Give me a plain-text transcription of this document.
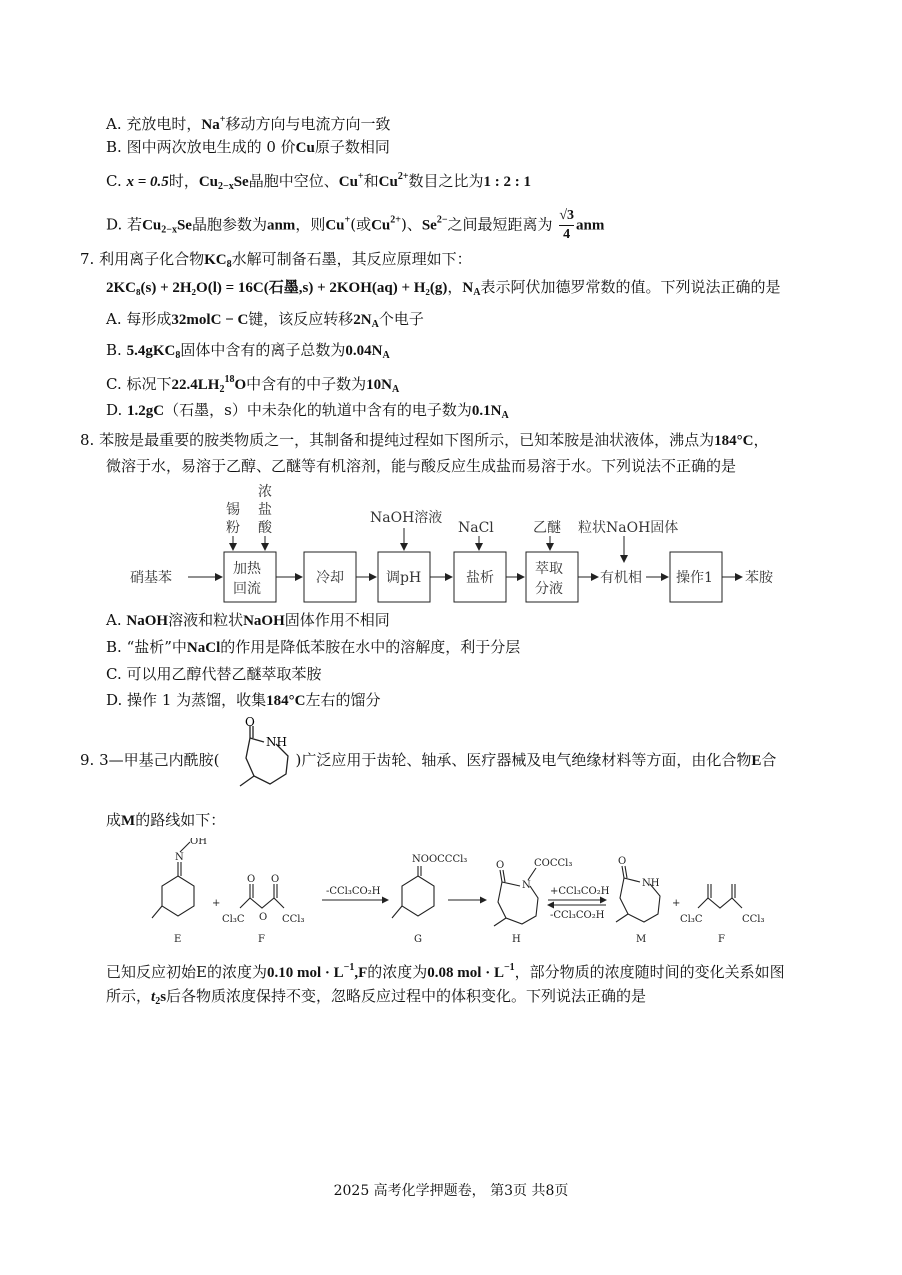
A. 充放电时，Na+移动方向与电流方向一致
B. 图中两次放电生成的 0 价Cu原子数相同
C. x = 0.5时，$Cu_{2-x}Se$晶胞中空位、Cu+和$Cu^{2+}$数目之比为1 : 2 : 1
D. 若$Cu_{2-x}Se$晶胞参数为anm，则Cu+(或$Cu^{2+}$)、$Se^{2-}$之间最短距离为 $\frac{√3}{4}$ anm
7. 利用离子化合物$KC_8$水解可制备石墨，其反应原理如下：
2KC₈(s) + 2H₂O(l) = 16C(石墨,s) + 2KOH(aq) + H₂(g)，$N_A$表示阿伏加德罗常数的值。下列说法正确的是
A. 每形成32molC − C键，该反应转移$2N_A$个电子
B. 5.4gKC$_8$固体中含有的离子总数为$0.04N_A$
C. 标况下$22.4LH_2^{18}O$中含有的中子数为$10N_A$
D. 1.2gC（石墨，s）中未杂化的轨道中含有的电子数为$0.1N_A$
8. 苯胺是最重要的胺类物质之一，其制备和提纯过程如下图所示，已知苯胺是油状液体，沸点为184°C，
微溶于水，易溶于乙醇、乙醚等有机溶剂，能与酸反应生成盐而易溶于水。下列说法不正确的是
硝基苯
锡
粉
浓
盐
酸
加热
回流
冷却
NaOH溶液
调pH
NaCl
盐析
乙醚
萃取
分液
有机相
粒状NaOH固体
操作1 苯胺
A. NaOH溶液和粒状NaOH固体作用不相同
B. “盐析”中NaCl的作用是降低苯胺在水中的溶解度，利于分层
C. 可以用乙醇代替乙醚萃取苯胺
D. 操作 1 为蒸馏，收集184°C左右的馏分
9. 3—甲基己内酰胺(	)广泛应用于齿轮、轴承、医疗器械及电气绝缘材料等方面，由化合物E合
O
NH
成M的路线如下：
N
OH
E
+
O O
Cl₃C O CCl₃
F
-CCl₃CO₂H
NOOCCCl₃
G
O
N
COCCl₃
H
+CCl₃CO₂H
-CCl₃CO₂H
O
NH
M
+
Cl₃C	CCl₃
F
已知反应初始E的浓度为0.10 mol · $L^{-1},F$的浓度为0.08 mol · $L^{-1}$，部分物质的浓度随时间的变化关系如图
所示，$t_2s$后各物质浓度保持不变，忽略反应过程中的体积变化。下列说法正确的是
2025 高考化学押题卷， 第3页 共8页
